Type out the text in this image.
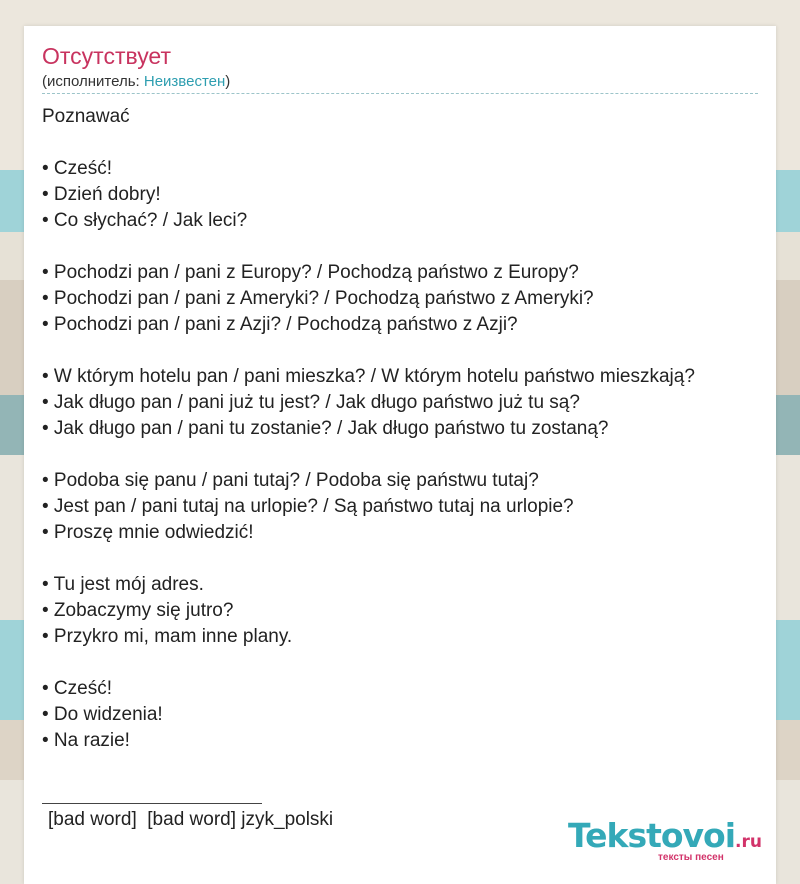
Отсутствует
(исполнитель: Неизвестен)
Poznawać
• Cześć!
• Dzień dobry!
• Co słychać? / Jak leci?
• Pochodzi pan / pani z Europy? / Pochodzą państwo z Europy?
• Pochodzi pan / pani z Ameryki? / Pochodzą państwo z Ameryki?
• Pochodzi pan / pani z Azji? / Pochodzą państwo z Azji?
• W którym hotelu pan / pani mieszka? / W którym hotelu państwo mieszkają?
• Jak długo pan / pani już tu jest? / Jak długo państwo już tu są?
• Jak długo pan / pani tu zostanie? / Jak długo państwo tu zostaną?
• Podoba się panu / pani tutaj? / Podoba się państwu tutaj?
• Jest pan / pani tutaj na urlopie? / Są państwo tutaj na urlopie?
• Proszę mnie odwiedzić!
• Tu jest mój adres.
• Zobaczymy się jutro?
• Przykro mi, mam inne plany.
• Cześć!
• Do widzenia!
• Na razie!
[bad word]  [bad word] jzyk_polski	Tekstovoi.ru
тексты песен
